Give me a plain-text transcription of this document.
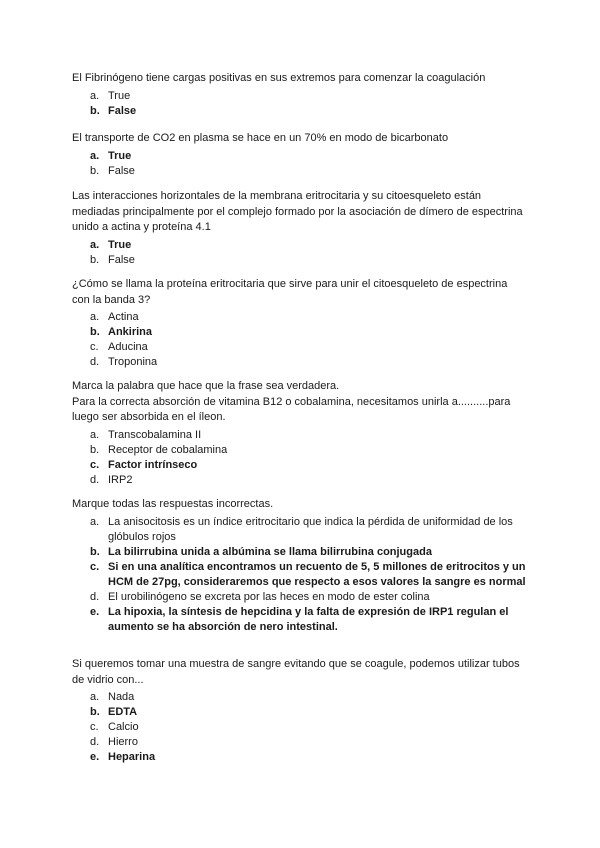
El Fibrinógeno tiene cargas positivas en sus extremos para comenzar la coagulación
a. True
b. False
El transporte de CO2 en plasma se hace en un 70% en modo de bicarbonato
a. True
b. False
Las interacciones horizontales de la membrana eritrocitaria y su citoesqueleto están
mediadas principalmente por el complejo formado por la asociación de dímero de espectrina
unido a actina y proteína 4.1
a. True
b. False
¿Cómo se llama la proteína eritrocitaria que sirve para unir el citoesqueleto de espectrina
con la banda 3?
a. Actina
b. Ankirina
c. Aducina
d. Troponina
Marca la palabra que hace que la frase sea verdadera.
Para la correcta absorción de vitamina B12 o cobalamina, necesitamos unirla a..........para
luego ser absorbida en el íleon.
a. Transcobalamina II
b. Receptor de cobalamina
c. Factor intrínseco
d. IRP2
Marque todas las respuestas incorrectas.
a. La anisocitosis es un índice eritrocitario que indica la pérdida de uniformidad de los glóbulos rojos
b. La bilirrubina unida a albúmina se llama bilirrubina conjugada
c. Si en una analítica encontramos un recuento de 5, 5 millones de eritrocitos y un HCM de 27pg, consideraremos que respecto a esos valores la sangre es normal
d. El urobilinógeno se excreta por las heces en modo de ester colina
e. La hipoxia, la síntesis de hepcidina y la falta de expresión de IRP1 regulan el aumento se ha absorción de nero intestinal.
Si queremos tomar una muestra de sangre evitando que se coagule, podemos utilizar tubos
de vidrio con...
a. Nada
b. EDTA
c. Calcio
d. Hierro
e. Heparina
